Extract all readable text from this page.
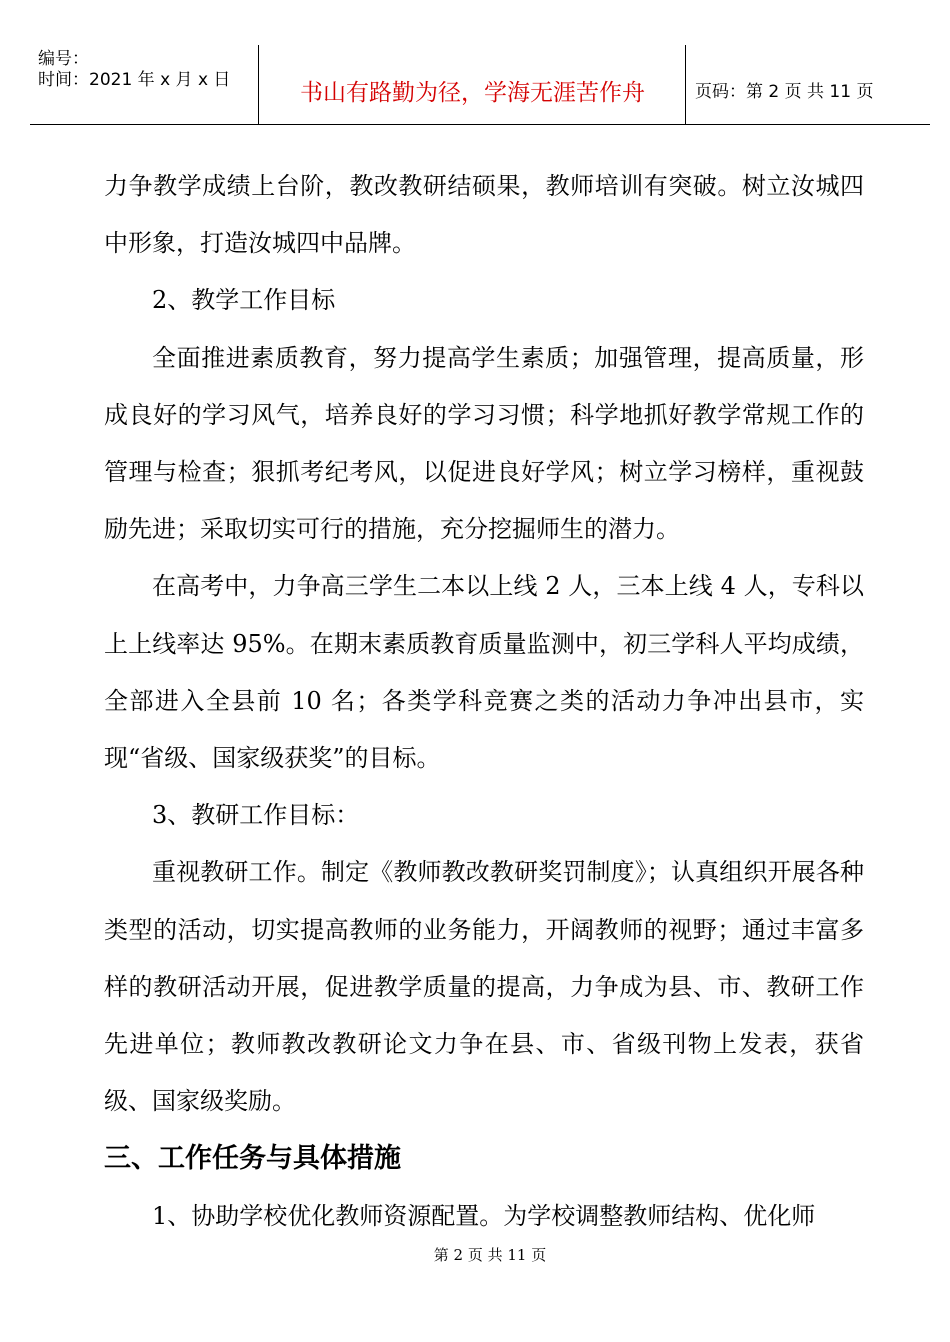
编号：
时间：2021 年 x 月 x 日	书山有路勤为径，学海无涯苦作舟	页码：第 2 页 共 11 页

力争教学成绩上台阶，教改教研结硕果，教师培训有突破。树立汝城四中形象，打造汝城四中品牌。

2、教学工作目标

全面推进素质教育，努力提高学生素质；加强管理，提高质量，形成良好的学习风气，培养良好的学习习惯；科学地抓好教学常规工作的管理与检查；狠抓考纪考风，以促进良好学风；树立学习榜样，重视鼓励先进；采取切实可行的措施，充分挖掘师生的潜力。

在高考中，力争高三学生二本以上线 2 人，三本上线 4 人，专科以上上线率达 95%。在期末素质教育质量监测中，初三学科人平均成绩，全部进入全县前 10 名；各类学科竞赛之类的活动力争冲出县市，实现“省级、国家级获奖”的目标。

3、教研工作目标：

重视教研工作。制定《教师教改教研奖罚制度》；认真组织开展各种类型的活动，切实提高教师的业务能力，开阔教师的视野；通过丰富多样的教研活动开展，促进教学质量的提高，力争成为县、市、教研工作先进单位；教师教改教研论文力争在县、市、省级刊物上发表，获省级、国家级奖励。

三、工作任务与具体措施

1、协助学校优化教师资源配置。为学校调整教师结构、优化师

第 2 页 共 11 页
